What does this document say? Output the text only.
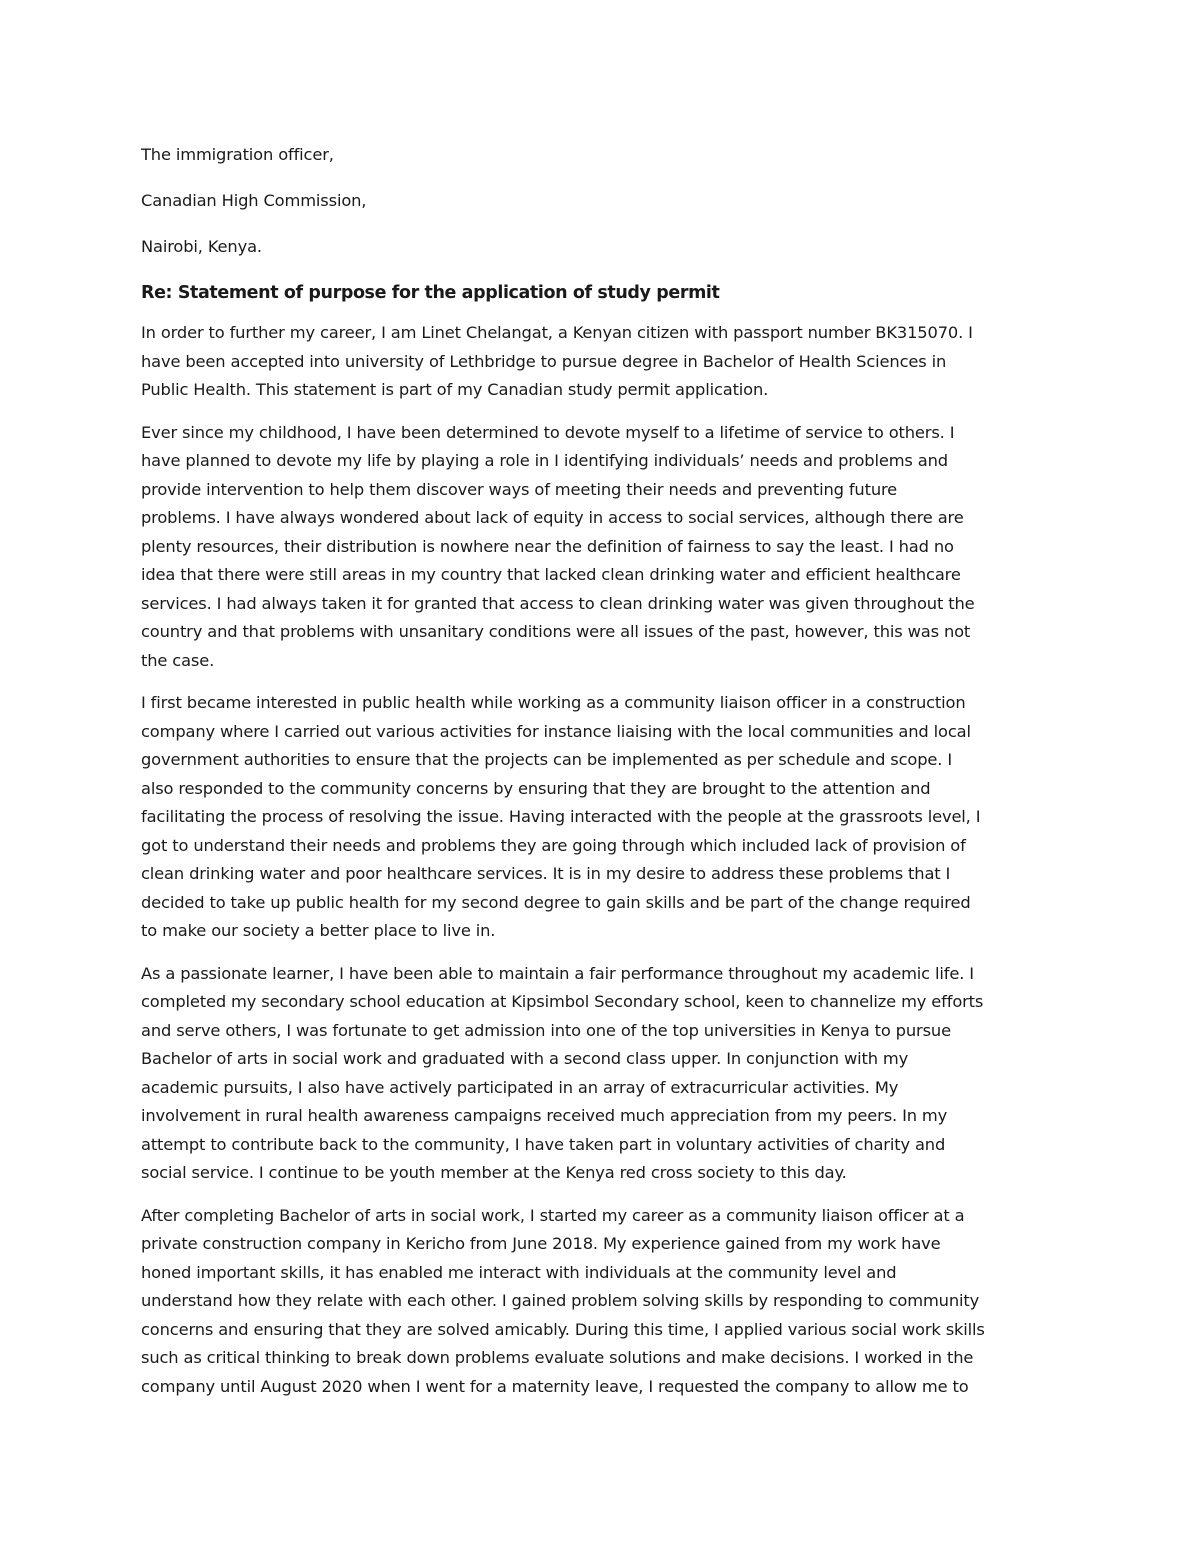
The immigration officer,
Canadian High Commission,
Nairobi, Kenya.
Re: Statement of purpose for the application of study permit
In order to further my career, I am Linet Chelangat, a Kenyan citizen with passport number BK315070. I
have been accepted into university of Lethbridge to pursue degree in Bachelor of Health Sciences in
Public Health. This statement is part of my Canadian study permit application.
Ever since my childhood, I have been determined to devote myself to a lifetime of service to others. I
have planned to devote my life by playing a role in I identifying individuals’ needs and problems and
provide intervention to help them discover ways of meeting their needs and preventing future
problems. I have always wondered about lack of equity in access to social services, although there are
plenty resources, their distribution is nowhere near the definition of fairness to say the least. I had no
idea that there were still areas in my country that lacked clean drinking water and efficient healthcare
services. I had always taken it for granted that access to clean drinking water was given throughout the
country and that problems with unsanitary conditions were all issues of the past, however, this was not
the case.
I first became interested in public health while working as a community liaison officer in a construction
company where I carried out various activities for instance liaising with the local communities and local
government authorities to ensure that the projects can be implemented as per schedule and scope. I
also responded to the community concerns by ensuring that they are brought to the attention and
facilitating the process of resolving the issue. Having interacted with the people at the grassroots level, I
got to understand their needs and problems they are going through which included lack of provision of
clean drinking water and poor healthcare services. It is in my desire to address these problems that I
decided to take up public health for my second degree to gain skills and be part of the change required
to make our society a better place to live in.
As a passionate learner, I have been able to maintain a fair performance throughout my academic life. I
completed my secondary school education at Kipsimbol Secondary school, keen to channelize my efforts
and serve others, I was fortunate to get admission into one of the top universities in Kenya to pursue
Bachelor of arts in social work and graduated with a second class upper. In conjunction with my
academic pursuits, I also have actively participated in an array of extracurricular activities. My
involvement in rural health awareness campaigns received much appreciation from my peers. In my
attempt to contribute back to the community, I have taken part in voluntary activities of charity and
social service. I continue to be youth member at the Kenya red cross society to this day.
After completing Bachelor of arts in social work, I started my career as a community liaison officer at a
private construction company in Kericho from June 2018. My experience gained from my work have
honed important skills, it has enabled me interact with individuals at the community level and
understand how they relate with each other. I gained problem solving skills by responding to community
concerns and ensuring that they are solved amicably. During this time, I applied various social work skills
such as critical thinking to break down problems evaluate solutions and make decisions. I worked in the
company until August 2020 when I went for a maternity leave, I requested the company to allow me to
